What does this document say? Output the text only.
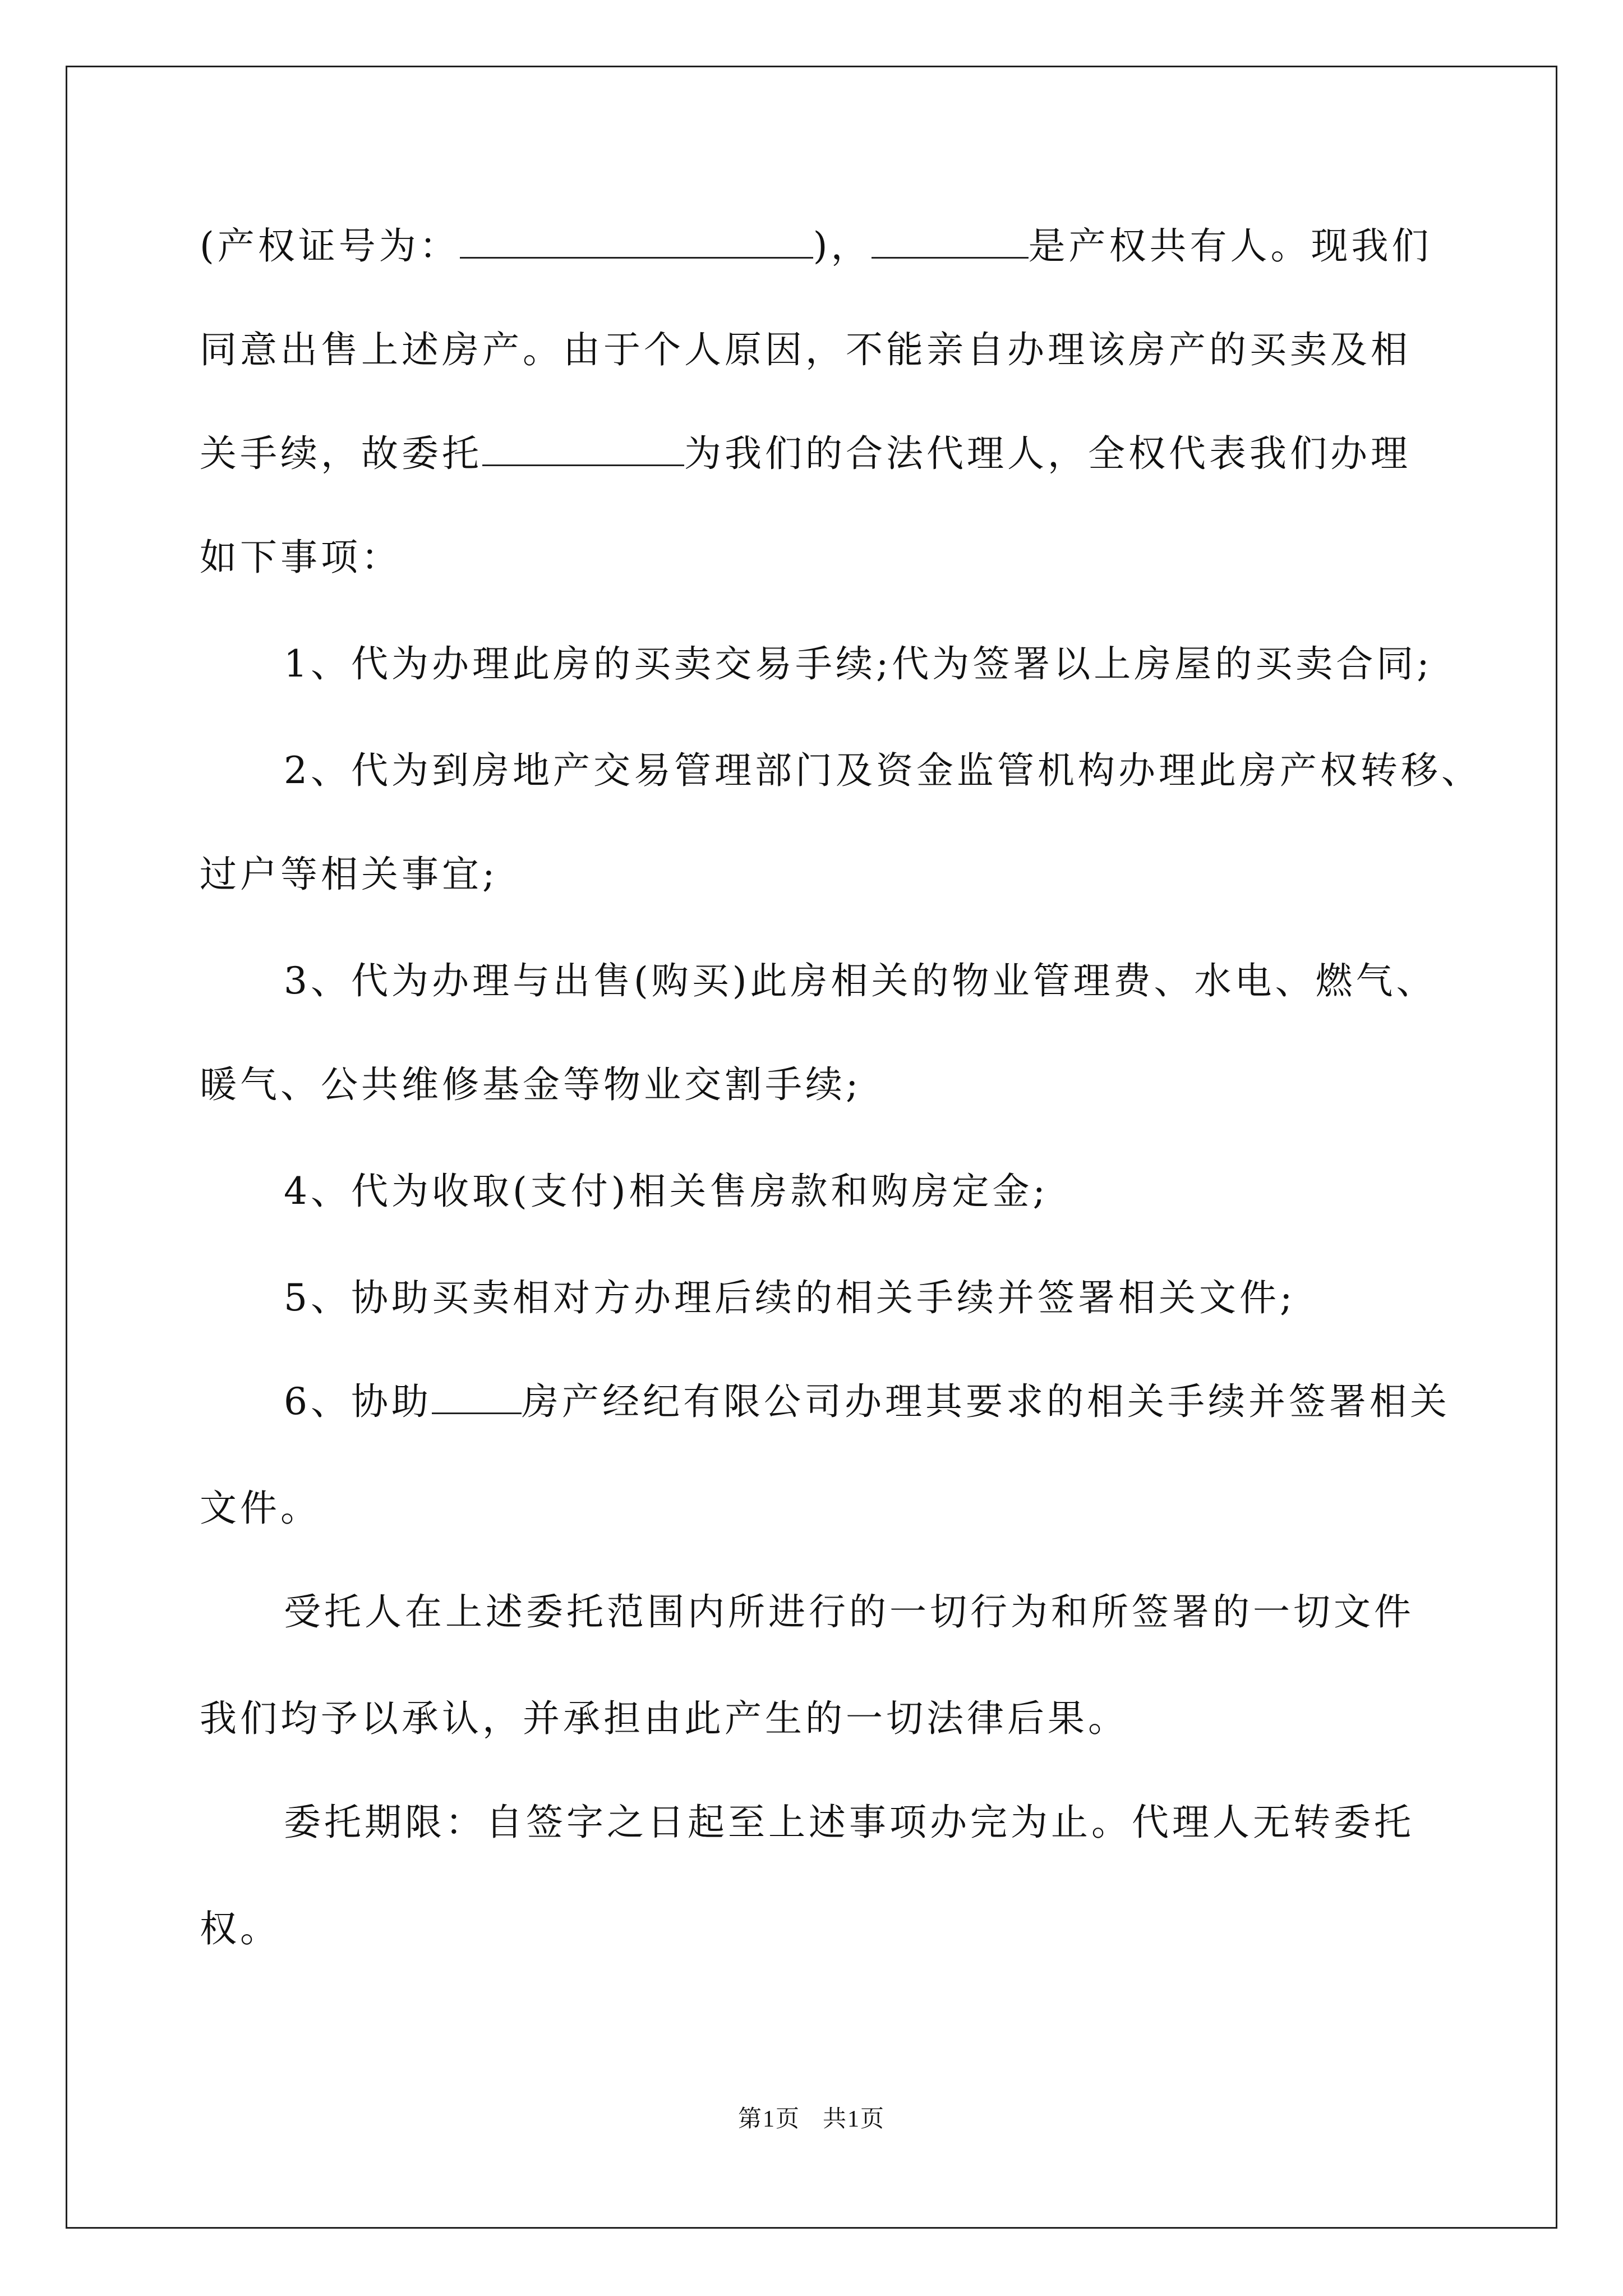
(产权证号为：	)，	是产权共有人。现我们
同意出售上述房产。由于个人原因，不能亲自办理该房产的买卖及相
关手续，故委托	为我们的合法代理人，全权代表我们办理
如下事项：
1、代为办理此房的买卖交易手续;代为签署以上房屋的买卖合同;
2、代为到房地产交易管理部门及资金监管机构办理此房产权转移、
过户等相关事宜;
3、代为办理与出售(购买)此房相关的物业管理费、水电、燃气、
暖气、公共维修基金等物业交割手续;
4、代为收取(支付)相关售房款和购房定金;
5、协助买卖相对方办理后续的相关手续并签署相关文件;
6、协助 房产经纪有限公司办理其要求的相关手续并签署相关
文件。
受托人在上述委托范围内所进行的一切行为和所签署的一切文件
我们均予以承认，并承担由此产生的一切法律后果。
委托期限：自签字之日起至上述事项办完为止。代理人无转委托
权。
第1页 共1页
